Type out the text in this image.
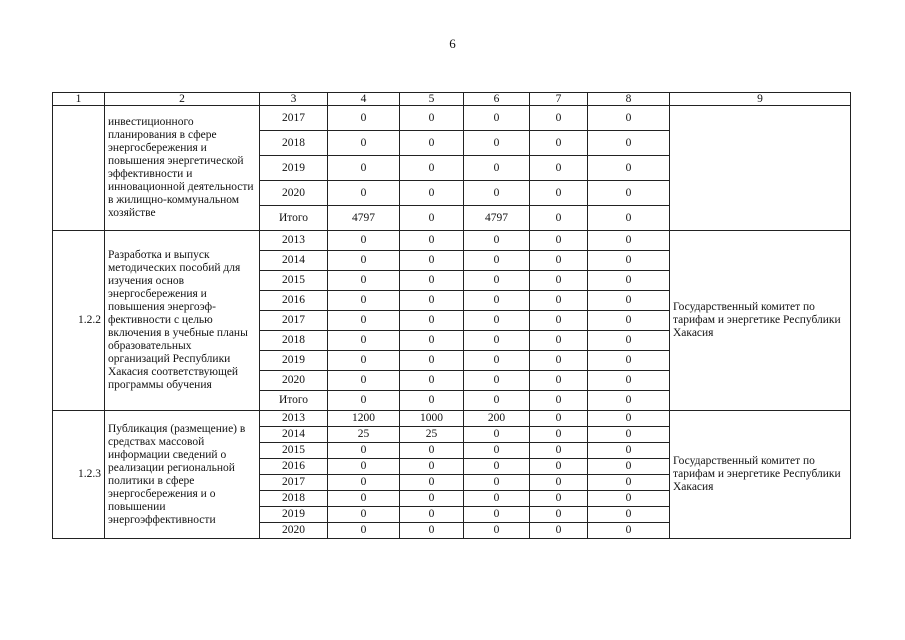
6
1	2	3	4	5	6	7	8	9
	инвестиционного планирования в сфере энергосбережения и повышения энергетической эффективности и инновационной деятельности в жилищно-коммунальном хозяйстве	2017	0	0	0	0	0	
		2018	0	0	0	0	0	
		2019	0	0	0	0	0	
		2020	0	0	0	0	0	
		Итого	4797	0	4797	0	0	
1.2.2	Разработка и выпуск методических пособий для изучения основ энергосбережения и повышения энергоэффективности с целью включения в учебные планы образовательных организаций Республики Хакасия соответствующей программы обучения	2013	0	0	0	0	0	Государственный комитет по тарифам и энергетике Республики Хакасия
		2014	0	0	0	0	0	
		2015	0	0	0	0	0	
		2016	0	0	0	0	0	
		2017	0	0	0	0	0	
		2018	0	0	0	0	0	
		2019	0	0	0	0	0	
		2020	0	0	0	0	0	
		Итого	0	0	0	0	0	
1.2.3	Публикация (размещение) в средствах массовой информации сведений о реализации региональной политики в сфере энергосбережения и о повышении энергоэффективности	2013	1200	1000	200	0	0	Государственный комитет по тарифам и энергетике Республики Хакасия
		2014	25	25	0	0	0	
		2015	0	0	0	0	0	
		2016	0	0	0	0	0	
		2017	0	0	0	0	0	
		2018	0	0	0	0	0	
		2019	0	0	0	0	0	
		2020	0	0	0	0	0	
